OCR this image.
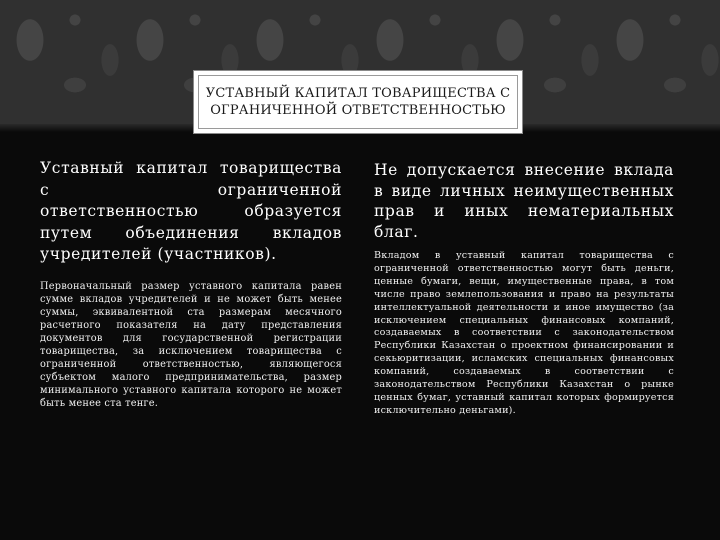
УСТАВНЫЙ КАПИТАЛ ТОВАРИЩЕСТВА С ОГРАНИЧЕННОЙ ОТВЕТСТВЕННОСТЬЮ

Уставный капитал товарищества с ограниченной ответственностью образуется путем объединения вкладов учредителей (участников).

Первоначальный размер уставного капитала равен сумме вкладов учредителей и не может быть менее суммы, эквивалентной ста размерам месячного расчетного показателя на дату представления документов для государственной регистрации товарищества, за исключением товарищества с ограниченной ответственностью, являющегося субъектом малого предпринимательства, размер минимального уставного капитала которого не может быть менее ста тенге.

Не допускается внесение вклада в виде личных неимущественных прав и иных нематериальных благ.

Вкладом в уставный капитал товарищества с ограниченной ответственностью могут быть деньги, ценные бумаги, вещи, имущественные права, в том числе право землепользования и право на результаты интеллектуальной деятельности и иное имущество (за исключением специальных финансовых компаний, создаваемых в соответствии с законодательством Республики Казахстан о проектном финансировании и секьюритизации, исламских специальных финансовых компаний, создаваемых в соответствии с законодательством Республики Казахстан о рынке ценных бумаг, уставный капитал которых формируется исключительно деньгами).
